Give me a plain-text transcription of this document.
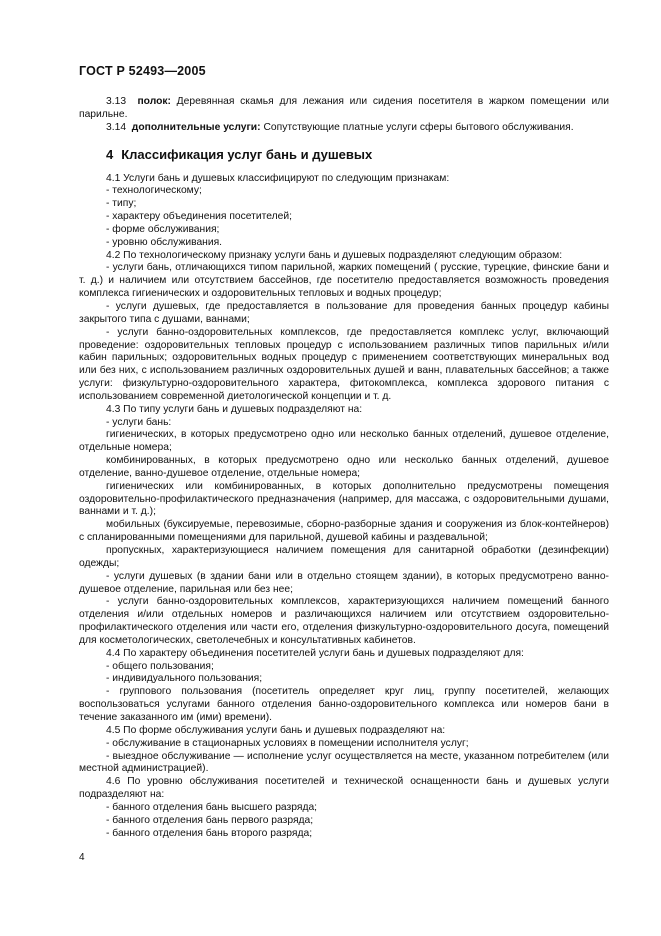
ГОСТ Р 52493—2005

3.13 полок: Деревянная скамья для лежания или сидения посетителя в жарком помещении или парильне.

3.14 дополнительные услуги: Сопутствующие платные услуги сферы бытового обслуживания.

4 Классификация услуг бань и душевых

4.1 Услуги бань и душевых классифицируют по следующим признакам:

- технологическому;

- типу;

- характеру объединения посетителей;

- форме обслуживания;

- уровню обслуживания.

4.2 По технологическому признаку услуги бань и душевых подразделяют следующим образом:

- услуги бань, отличающихся типом парильной, жарких помещений ( русские, турецкие, финские бани и т. д.) и наличием или отсутствием бассейнов, где посетителю предоставляется возможность проведения комплекса гигиенических и оздоровительных тепловых и водных процедур;

- услуги душевых, где предоставляется в пользование для проведения банных процедур кабины закрытого типа с душами, ваннами;

- услуги банно-оздоровительных комплексов, где предоставляется комплекс услуг, включающий проведение: оздоровительных тепловых процедур с использованием различных типов парильных и/или кабин парильных; оздоровительных водных процедур с применением соответствующих минеральных вод или без них, с использованием различных оздоровительных душей и ванн, плавательных бассейнов; а также услуги: физкультурно-оздоровительного характера, фитокомплекса, комплекса здорового питания с использованием современной диетологической концепции и т. д.

4.3 По типу услуги бань и душевых подразделяют на:

- услуги бань:

гигиенических, в которых предусмотрено одно или несколько банных отделений, душевое отделение, отдельные номера;

комбинированных, в которых предусмотрено одно или несколько банных отделений, душевое отделение, ванно-душевое отделение, отдельные номера;

гигиенических или комбинированных, в которых дополнительно предусмотрены помещения оздоровительно-профилактического предназначения (например, для массажа, с оздоровительными душами, ваннами и т. д.);

мобильных (буксируемые, перевозимые, сборно-разборные здания и сооружения из блок-контейнеров) с спланированными помещениями для парильной, душевой кабины и раздевальной;

пропускных, характеризующиеся наличием помещения для санитарной обработки (дезинфекции) одежды;

- услуги душевых (в здании бани или в отдельно стоящем здании), в которых предусмотрено ванно-душевое отделение, парильная или без нее;

- услуги банно-оздоровительных комплексов, характеризующихся наличием помещений банного отделения и/или отдельных номеров и различающихся наличием или отсутствием оздоровительно-профилактического отделения или части его, отделения физкультурно-оздоровительного досуга, помещений для косметологических, светолечебных и консультативных кабинетов.

4.4 По характеру объединения посетителей услуги бань и душевых подразделяют для:

- общего пользования;

- индивидуального пользования;

- группового пользования (посетитель определяет круг лиц, группу посетителей, желающих воспользоваться услугами банного отделения банно-оздоровительного комплекса или номеров бани в течение заказанного им (ими) времени).

4.5 По форме обслуживания услуги бань и душевых подразделяют на:

- обслуживание в стационарных условиях в помещении исполнителя услуг;

- выездное обслуживание — исполнение услуг осуществляется на месте, указанном потребителем (или местной администрацией).

4.6 По уровню обслуживания посетителей и технической оснащенности бань и душевых услуги подразделяют на:

- банного отделения бань высшего разряда;

- банного отделения бань первого разряда;

- банного отделения бань второго разряда;

4
